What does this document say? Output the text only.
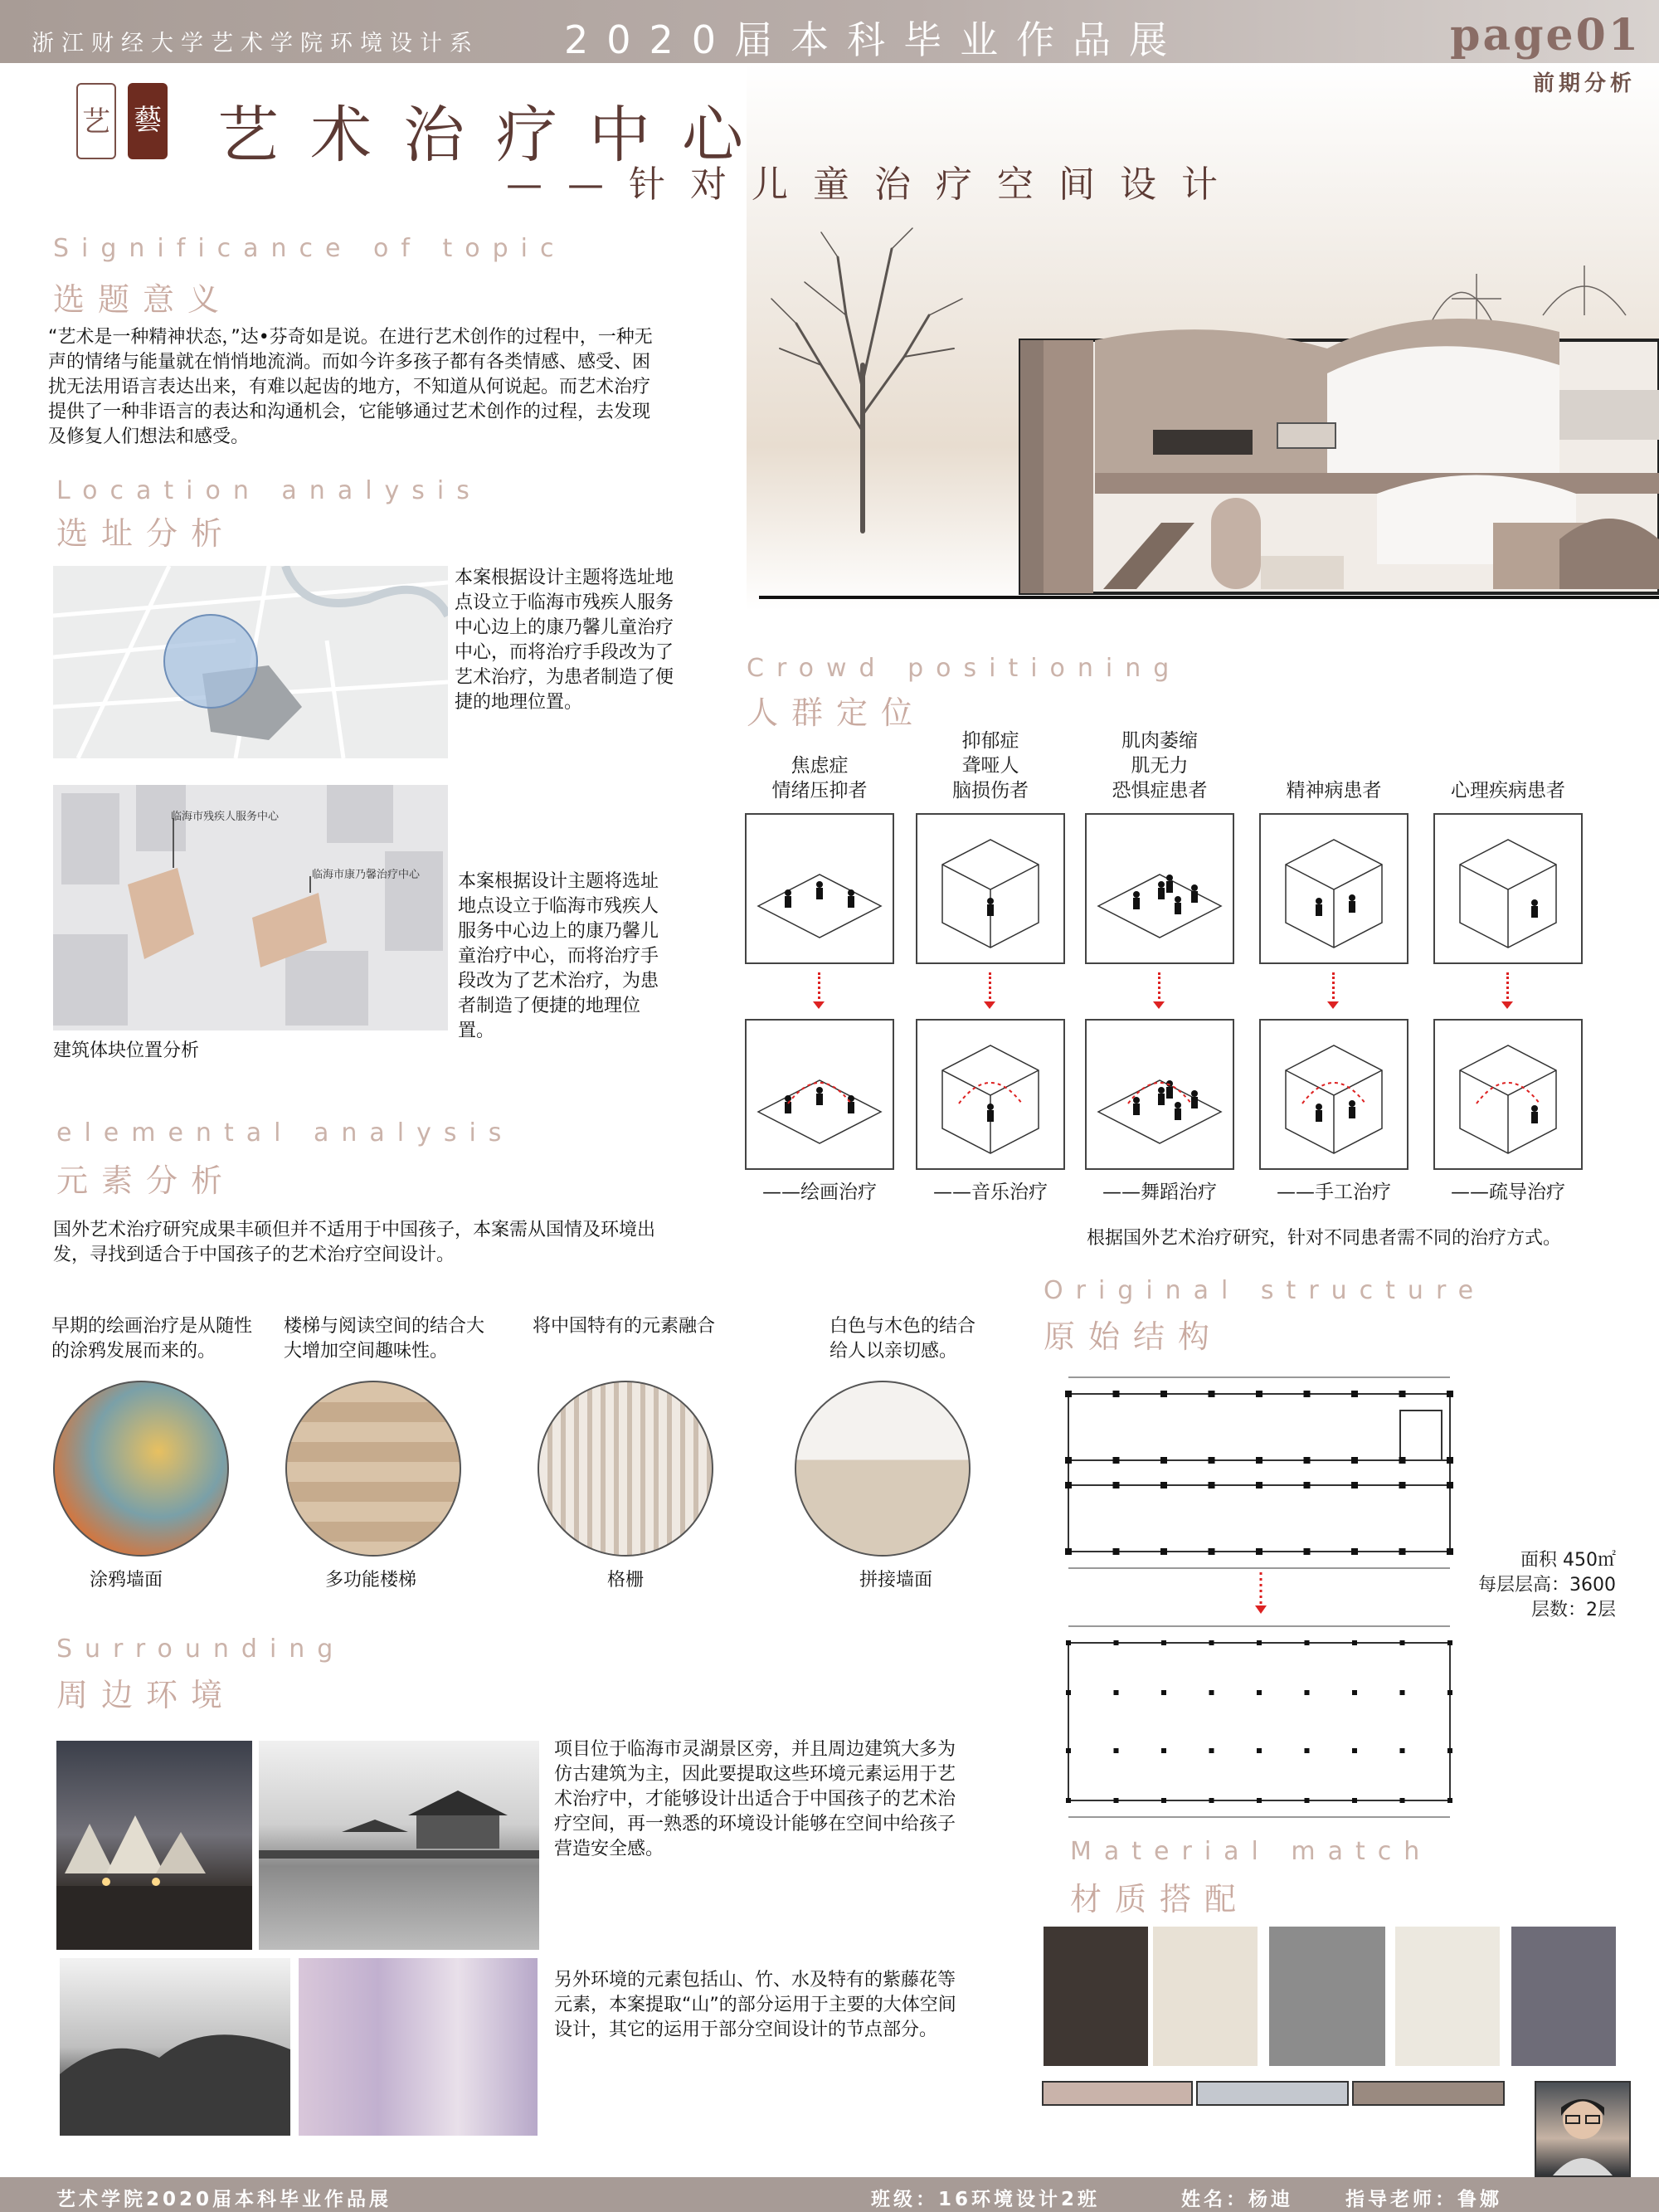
浙江财经大学艺术学院环境设计系 2020届本科毕业作品展	page01
前期分析
艺 藝 艺术治疗中心
——针对儿童治疗空间设计
Significance of topic
选题意义

“艺术是一种精神状态，”达•芬奇如是说。在进行艺术创作的过程中，一种无声的情绪与能量就在悄悄地流淌。而如今许多孩子都有各类情感、感受、困扰无法用语言表达出来，有难以起齿的地方，不知道从何说起。而艺术治疗提供了一种非语言的表达和沟通机会，它能够通过艺术创作的过程，去发现及修复人们想法和感受。

Location analysis
选址分析

本案根据设计主题将选址地点设立于临海市残疾人服务中心边上的康乃馨儿童治疗中心，而将治疗手段改为了艺术治疗，为患者制造了便捷的地理位置。

临海市残疾人服务中心
临海市康乃馨治疗中心 本案根据设计主题将选址地点设立于临海市残疾人服务中心边上的康乃馨儿童治疗中心，而将治疗手段改为了艺术治疗，为患者制造了便捷的地理位置。

建筑体块位置分析
Crowd positioning
人群定位
焦虑症
情绪压抑者
——绘画治疗
抑郁症
聋哑人
脑损伤者
——音乐治疗
肌肉萎缩
肌无力
恐惧症患者
——舞蹈治疗
精神病患者
——手工治疗
心理疾病患者
——疏导治疗
根据国外艺术治疗研究，针对不同患者需不同的治疗方式。
elemental analysis
元素分析

国外艺术治疗研究成果丰硕但并不适用于中国孩子，本案需从国情及环境出发，寻找到适合于中国孩子的艺术治疗空间设计。

早期的绘画治疗是从随性的涂鸦发展而来的。
涂鸦墙面
楼梯与阅读空间的结合大大增加空间趣味性。
多功能楼梯
将中国特有的元素融合
格栅
白色与木色的结合给人以亲切感。
拼接墙面
Surrounding
周边环境

项目位于临海市灵湖景区旁，并且周边建筑大多为仿古建筑为主，因此要提取这些环境元素运用于艺术治疗中，才能够设计出适合于中国孩子的艺术治疗空间，再一熟悉的环境设计能够在空间中给孩子营造安全感。

另外环境的元素包括山、竹、水及特有的紫藤花等元素，本案提取“山”的部分运用于主要的大体空间设计，其它的运用于部分空间设计的节点部分。

Original structure
原始结构
面积 450㎡
每层层高：3600
层数：2层
Material match
材质搭配
艺术学院2020届本科毕业作品展	班级：16环境设计2班	姓名：杨迪	指导老师：鲁娜
